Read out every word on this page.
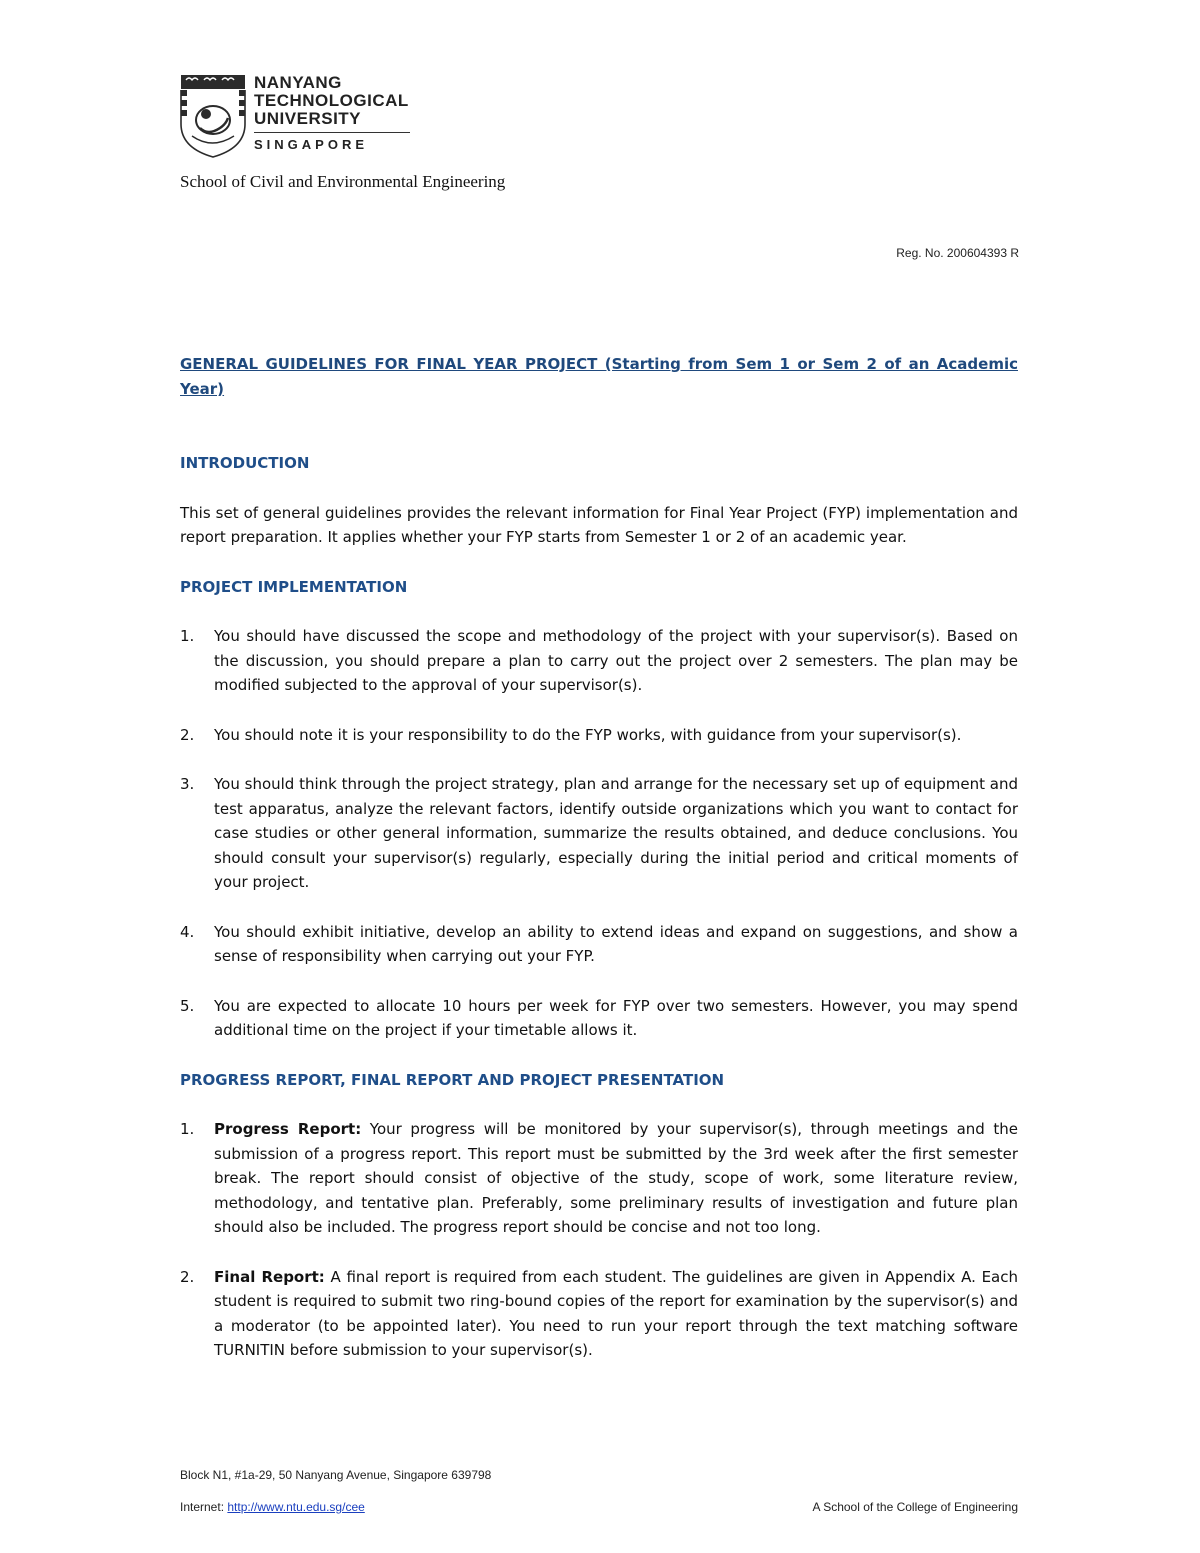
NANYANG
TECHNOLOGICAL
UNIVERSITY
SINGAPORE
School of Civil and Environmental Engineering
Reg. No. 200604393 R

GENERAL GUIDELINES FOR FINAL YEAR PROJECT (Starting from Sem 1 or Sem 2 of an Academic Year)

INTRODUCTION

This set of general guidelines provides the relevant information for Final Year Project (FYP) implementation and report preparation. It applies whether your FYP starts from Semester 1 or 2 of an academic year.

PROJECT IMPLEMENTATION

1. You should have discussed the scope and methodology of the project with your supervisor(s). Based on the discussion, you should prepare a plan to carry out the project over 2 semesters. The plan may be modified subjected to the approval of your supervisor(s).
2. You should note it is your responsibility to do the FYP works, with guidance from your supervisor(s).
3. You should think through the project strategy, plan and arrange for the necessary set up of equipment and test apparatus, analyze the relevant factors, identify outside organizations which you want to contact for case studies or other general information, summarize the results obtained, and deduce conclusions. You should consult your supervisor(s) regularly, especially during the initial period and critical moments of your project.
4. You should exhibit initiative, develop an ability to extend ideas and expand on suggestions, and show a sense of responsibility when carrying out your FYP.
5. You are expected to allocate 10 hours per week for FYP over two semesters. However, you may spend additional time on the project if your timetable allows it.

PROGRESS REPORT, FINAL REPORT AND PROJECT PRESENTATION

1. Progress Report: Your progress will be monitored by your supervisor(s), through meetings and the submission of a progress report. This report must be submitted by the 3rd week after the first semester break. The report should consist of objective of the study, scope of work, some literature review, methodology, and tentative plan. Preferably, some preliminary results of investigation and future plan should also be included. The progress report should be concise and not too long.
2. Final Report: A final report is required from each student. The guidelines are given in Appendix A. Each student is required to submit two ring-bound copies of the report for examination by the supervisor(s) and a moderator (to be appointed later). You need to run your report through the text matching software TURNITIN before submission to your supervisor(s).
Block N1, #1a-29, 50 Nanyang Avenue, Singapore 639798
Internet: http://www.ntu.edu.sg/cee	A School of the College of Engineering
